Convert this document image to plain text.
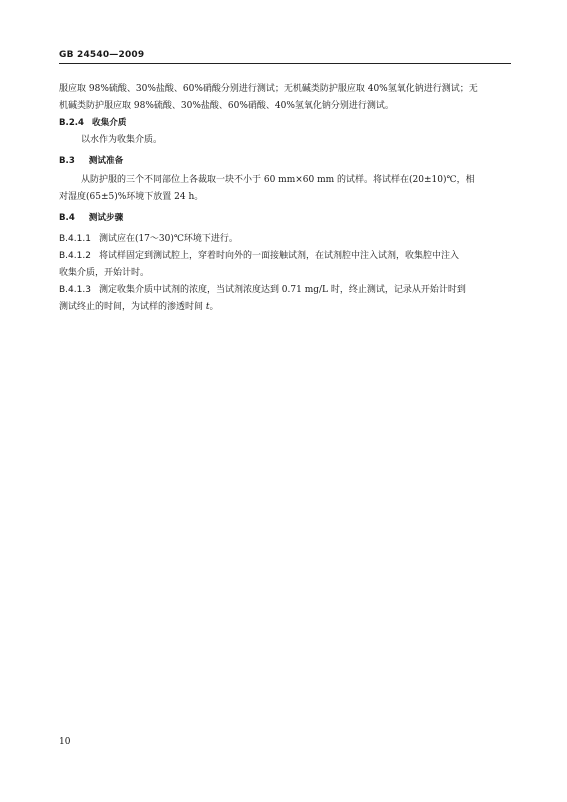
GB 24540—2009
服应取 98%硫酸、30%盐酸、60%硝酸分别进行测试；无机碱类防护服应取 40%氢氧化钠进行测试；无
机碱类防护服应取 98%硫酸、30%盐酸、60%硝酸、40%氢氧化钠分别进行测试。
B.2.4 收集介质
以水作为收集介质。
B.3 测试准备
从防护服的三个不同部位上各裁取一块不小于 60 mm×60 mm 的试样。将试样在(20±10)℃，相
对湿度(65±5)%环境下放置 24 h。
B.4 测试步骤
B.4.1.1 测试应在(17～30)℃环境下进行。
B.4.1.2 将试样固定到测试腔上，穿着时向外的一面接触试剂，在试剂腔中注入试剂，收集腔中注入
收集介质，开始计时。
B.4.1.3 测定收集介质中试剂的浓度，当试剂浓度达到 0.71 mg/L 时，终止测试，记录从开始计时到
测试终止的时间，为试样的渗透时间 t。
10
